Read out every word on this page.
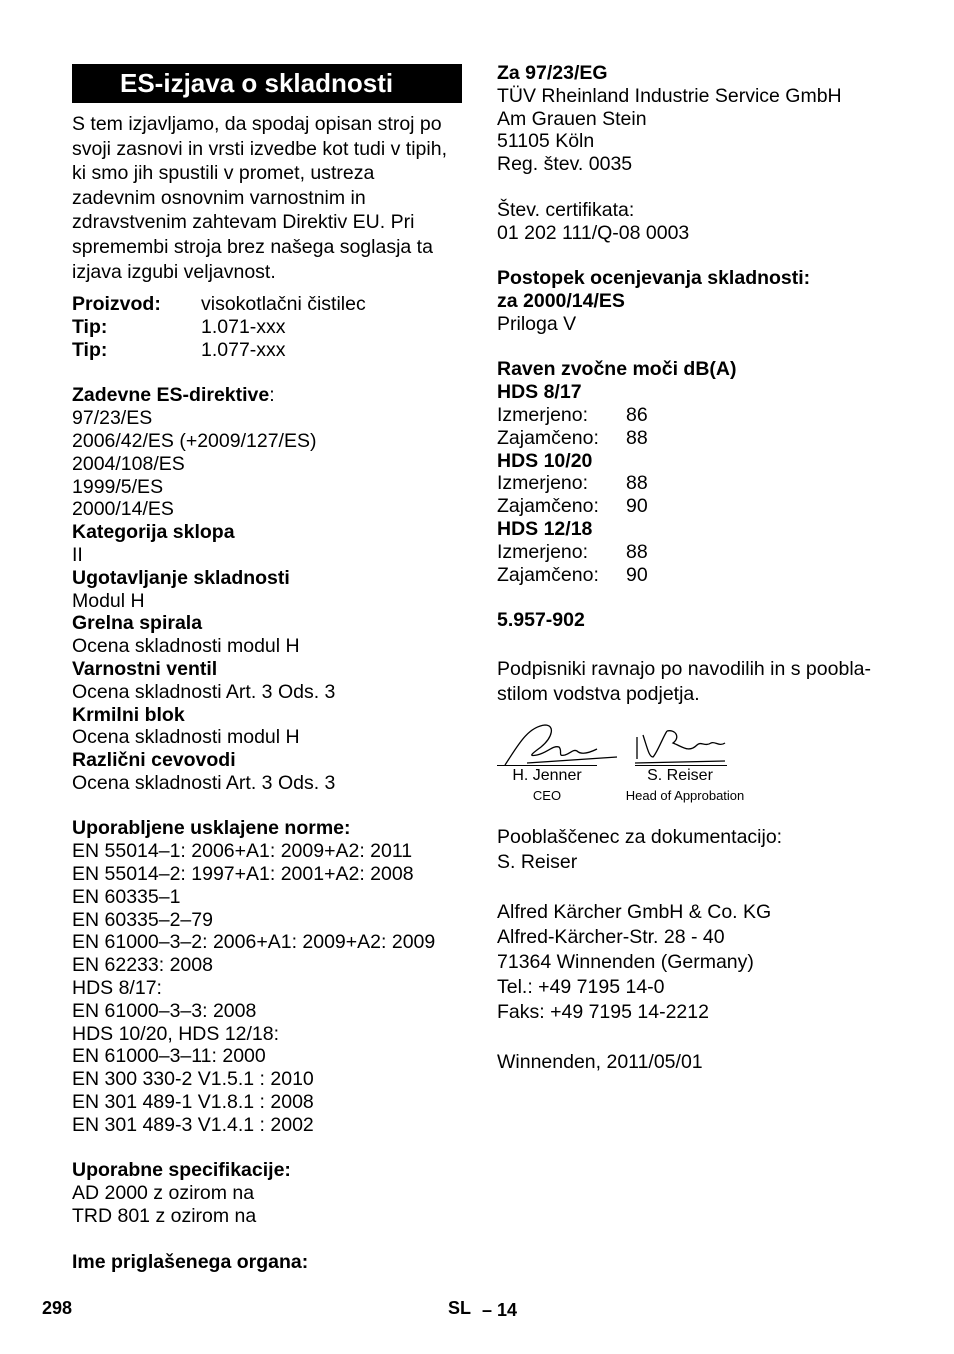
ES-izjava o skladnosti
S tem izjavljamo, da spodaj opisan stroj po svoji zasnovi in vrsti izvedbe kot tudi v tipih, ki smo jih spustili v promet, ustreza zadevnim osnovnim varnostnim in zdravstvenim zahtevam Direktiv EU. Pri spremembi stroja brez našega soglasja ta izjava izgubi veljavnost.
Proizvod:	visokotlačni čistilec
Tip:	1.071-xxx
Tip:	1.077-xxx
Zadevne ES-direktive:
97/23/ES
2006/42/ES (+2009/127/ES)
2004/108/ES
1999/5/ES
2000/14/ES
Kategorija sklopa
II
Ugotavljanje skladnosti
Modul H
Grelna spirala
Ocena skladnosti modul H
Varnostni ventil
Ocena skladnosti Art. 3 Ods. 3
Krmilni blok
Ocena skladnosti modul H
Različni cevovodi
Ocena skladnosti Art. 3 Ods. 3
Uporabljene usklajene norme:
EN 55014–1: 2006+A1: 2009+A2: 2011
EN 55014–2: 1997+A1: 2001+A2: 2008
EN 60335–1
EN 60335–2–79
EN 61000–3–2: 2006+A1: 2009+A2: 2009
EN 62233: 2008
HDS 8/17:
EN 61000–3–3: 2008
HDS 10/20, HDS 12/18:
EN 61000–3–11: 2000
EN 300 330-2 V1.5.1 : 2010
EN 301 489-1 V1.8.1 : 2008
EN 301 489-3 V1.4.1 : 2002
Uporabne specifikacije:
AD 2000 z ozirom na
TRD 801 z ozirom na
Ime priglašenega organa:
Za 97/23/EG
TÜV Rheinland Industrie Service GmbH
Am Grauen Stein
51105 Köln
Reg. štev. 0035
Štev. certifikata:
01 202 111/Q-08 0003
Postopek ocenjevanja skladnosti:
za 2000/14/ES
Priloga V
Raven zvočne moči dB(A)
HDS 8/17
Izmerjeno:	86
Zajamčeno:	88
HDS 10/20
Izmerjeno:	88
Zajamčeno:	90
HDS 12/18
Izmerjeno:	88
Zajamčeno:	90
5.957-902
Podpisniki ravnajo po navodilih in s poobla-
stilom vodstva podjetja.
H. Jenner
CEO
S. Reiser
Head of Approbation
Pooblaščenec za dokumentacijo:
S. Reiser
Alfred Kärcher GmbH & Co. KG
Alfred-Kärcher-Str. 28 - 40
71364 Winnenden (Germany)
Tel.: +49 7195 14-0
Faks: +49 7195 14-2212
Winnenden, 2011/05/01
298	SL – 14
